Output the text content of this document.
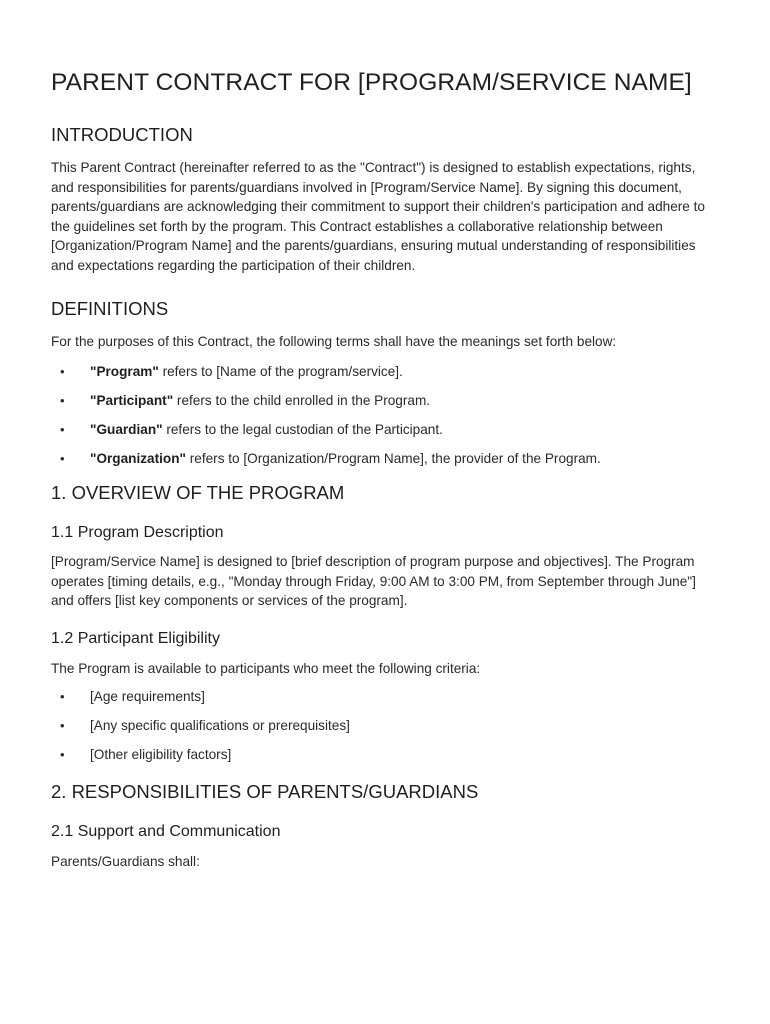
PARENT CONTRACT FOR [PROGRAM/SERVICE NAME]
INTRODUCTION

This Parent Contract (hereinafter referred to as the "Contract") is designed to establish expectations, rights, and responsibilities for parents/guardians involved in [Program/Service Name]. By signing this document, parents/guardians are acknowledging their commitment to support their children's participation and adhere to the guidelines set forth by the program. This Contract establishes a collaborative relationship between [Organization/Program Name] and the parents/guardians, ensuring mutual understanding of responsibilities and expectations regarding the participation of their children.

DEFINITIONS

For the purposes of this Contract, the following terms shall have the meanings set forth below:

• "Program" refers to [Name of the program/service].
• "Participant" refers to the child enrolled in the Program.
• "Guardian" refers to the legal custodian of the Participant.
• "Organization" refers to [Organization/Program Name], the provider of the Program.
1. OVERVIEW OF THE PROGRAM
1.1 Program Description

[Program/Service Name] is designed to [brief description of program purpose and objectives]. The Program operates [timing details, e.g., "Monday through Friday, 9:00 AM to 3:00 PM, from September through June"] and offers [list key components or services of the program].

1.2 Participant Eligibility

The Program is available to participants who meet the following criteria:

• [Age requirements]
• [Any specific qualifications or prerequisites]
• [Other eligibility factors]
2. RESPONSIBILITIES OF PARENTS/GUARDIANS
2.1 Support and Communication

Parents/Guardians shall:
